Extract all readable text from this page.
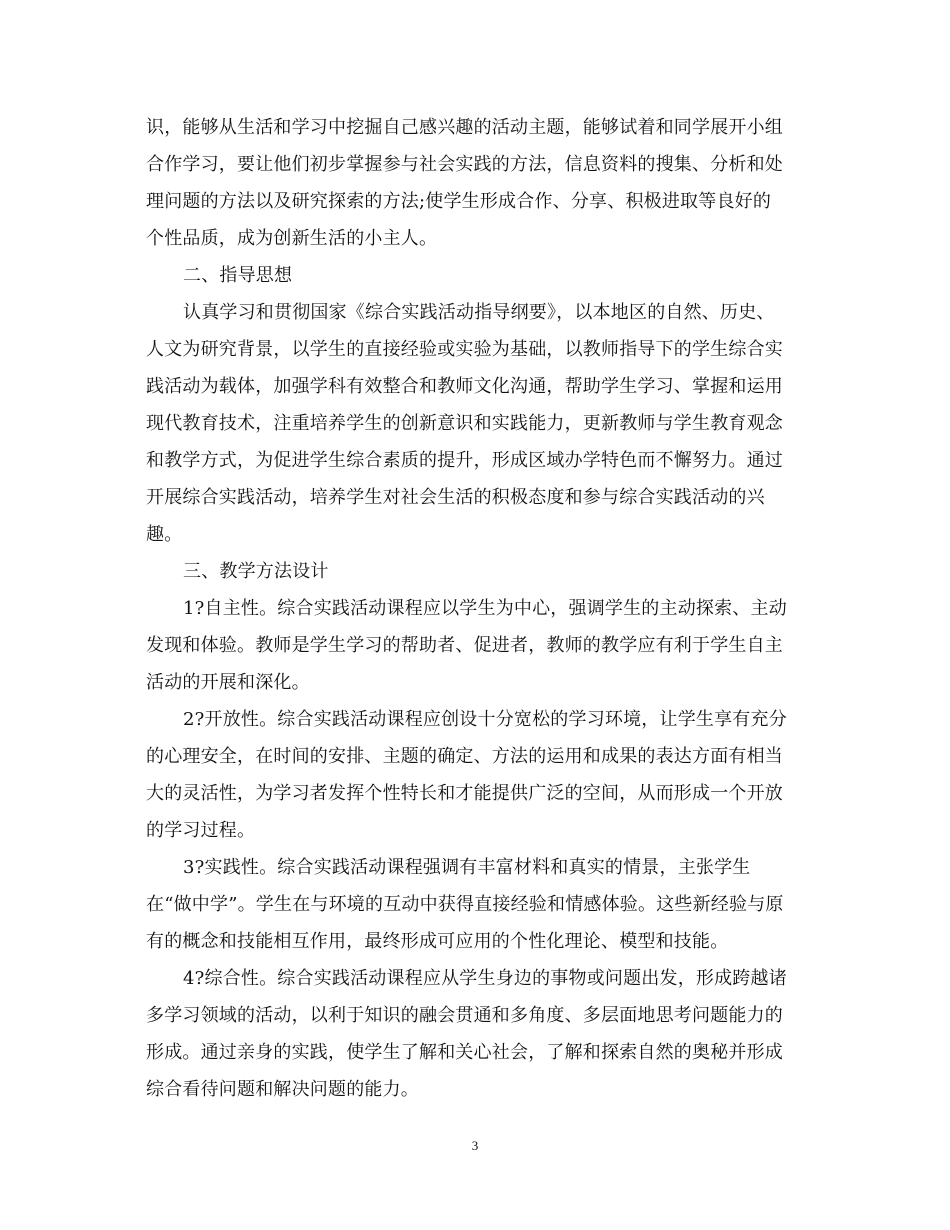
识，能够从生活和学习中挖掘自己感兴趣的活动主题，能够试着和同学展开小组
合作学习，要让他们初步掌握参与社会实践的方法，信息资料的搜集、分析和处
理问题的方法以及研究探索的方法;使学生形成合作、分享、积极进取等良好的
个性品质，成为创新生活的小主人。
二、指导思想
认真学习和贯彻国家《综合实践活动指导纲要》，以本地区的自然、历史、
人文为研究背景，以学生的直接经验或实验为基础，以教师指导下的学生综合实
践活动为载体，加强学科有效整合和教师文化沟通，帮助学生学习、掌握和运用
现代教育技术，注重培养学生的创新意识和实践能力，更新教师与学生教育观念
和教学方式，为促进学生综合素质的提升，形成区域办学特色而不懈努力。通过
开展综合实践活动，培养学生对社会生活的积极态度和参与综合实践活动的兴
趣。
三、教学方法设计
1?自主性。综合实践活动课程应以学生为中心，强调学生的主动探索、主动
发现和体验。教师是学生学习的帮助者、促进者，教师的教学应有利于学生自主
活动的开展和深化。
2?开放性。综合实践活动课程应创设十分宽松的学习环境，让学生享有充分
的心理安全，在时间的安排、主题的确定、方法的运用和成果的表达方面有相当
大的灵活性，为学习者发挥个性特长和才能提供广泛的空间，从而形成一个开放
的学习过程。
3?实践性。综合实践活动课程强调有丰富材料和真实的情景，主张学生
在“做中学”。学生在与环境的互动中获得直接经验和情感体验。这些新经验与原
有的概念和技能相互作用，最终形成可应用的个性化理论、模型和技能。
4?综合性。综合实践活动课程应从学生身边的事物或问题出发，形成跨越诸
多学习领域的活动，以利于知识的融会贯通和多角度、多层面地思考问题能力的
形成。通过亲身的实践，使学生了解和关心社会，了解和探索自然的奥秘并形成
综合看待问题和解决问题的能力。
3
